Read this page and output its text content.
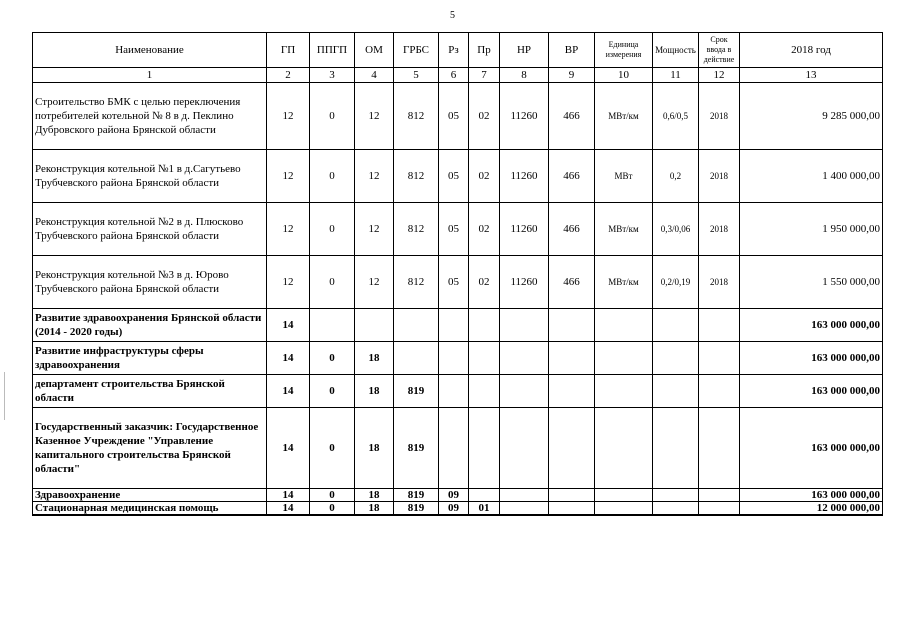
5
Наименование	ГП	ППГП	ОМ	ГРБС	Рз	Пр	НР	ВР	Единица измерения	Мощность	Срок ввода в действие	2018 год
1	2	3	4	5	6	7	8	9	10	11	12	13
Строительство БМК с целью переключения потребителей котельной № 8 в д. Пеклино Дубровского района Брянской области	12	0	12	812	05	02	11260	466	МВт/км	0,6/0,5	2018	9 285 000,00
Реконструкция котельной №1 в д.Сагутьево Трубчевского района Брянской области	12	0	12	812	05	02	11260	466	МВт	0,2	2018	1 400 000,00
Реконструкция котельной №2 в д. Плюсково Трубчевского района Брянской области	12	0	12	812	05	02	11260	466	МВт/км	0,3/0,06	2018	1 950 000,00
Реконструкция котельной №3 в д. Юрово Трубчевского района Брянской области	12	0	12	812	05	02	11260	466	МВт/км	0,2/0,19	2018	1 550 000,00
Развитие здравоохранения Брянской области (2014 - 2020 годы)	14											163 000 000,00
Развитие инфраструктуры сферы здравоохранения	14	0	18									163 000 000,00
департамент строительства Брянской области	14	0	18	819								163 000 000,00
Государственный заказчик: Государственное Казенное Учреждение "Управление капитального строительства Брянской области"	14	0	18	819								163 000 000,00
Здравоохранение	14	0	18	819	09							163 000 000,00
Стационарная медицинская помощь	14	0	18	819	09	01						12 000 000,00
